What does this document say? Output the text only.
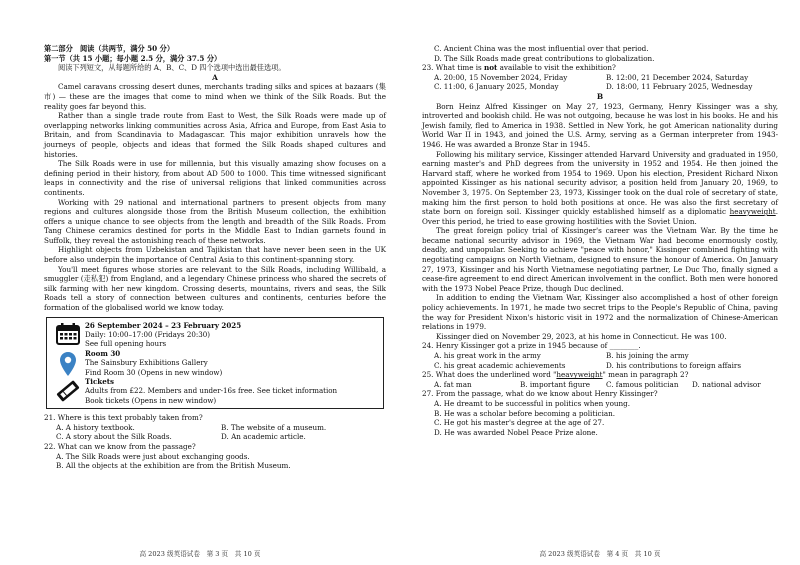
第二部分　阅读（共两节，满分 50 分）
第一节（共 15 小题；每小题 2.5 分，满分 37.5 分）
阅读下列短文，从每题所给的 A、B、C、D 四个选项中选出最佳选项。
A

Camel caravans crossing desert dunes, merchants trading silks and spices at bazaars (集市) — these are the images that come to mind when we think of the Silk Roads. But the reality goes far beyond this.

Rather than a single trade route from East to West, the Silk Roads were made up of overlapping networks linking communities across Asia, Africa and Europe, from East Asia to Britain, and from Scandinavia to Madagascar. This major exhibition unravels how the journeys of people, objects and ideas that formed the Silk Roads shaped cultures and histories.

The Silk Roads were in use for millennia, but this visually amazing show focuses on a defining period in their history, from about AD 500 to 1000. This time witnessed significant leaps in connectivity and the rise of universal religions that linked communities across continents.

Working with 29 national and international partners to present objects from many regions and cultures alongside those from the British Museum collection, the exhibition offers a unique chance to see objects from the length and breadth of the Silk Roads. From Tang Chinese ceramics destined for ports in the Middle East to Indian garnets found in Suffolk, they reveal the astonishing reach of these networks.

Highlight objects from Uzbekistan and Tajikistan that have never been seen in the UK before also underpin the importance of Central Asia to this continent-spanning story.

You'll meet figures whose stories are relevant to the Silk Roads, including Willibald, a smuggler (走私犯) from England, and a legendary Chinese princess who shared the secrets of silk farming with her new kingdom. Crossing deserts, mountains, rivers and seas, the Silk Roads tell a story of connection between cultures and continents, centuries before the formation of the globalised world we know today.

26 September 2024 – 23 February 2025
Daily: 10:00–17:00 (Fridays 20:30)
See full opening hours
Room 30
The Sainsbury Exhibitions Gallery
Find Room 30 (Opens in new window)
Tickets
Adults from £22. Members and under-16s free. See ticket information
Book tickets (Opens in new window)
21. Where is this text probably taken from?
A. A history textbook.	B. The website of a museum.
C. A story about the Silk Roads.	D. An academic article.
22. What can we know from the passage?
A. The Silk Roads were just about exchanging goods.
B. All the objects at the exhibition are from the British Museum.
高 2023 级英语试卷　第 3 页　共 10 页
C. Ancient China was the most influential over that period.
D. The Silk Roads made great contributions to globalization.
23. What time is not available to visit the exhibition?
A. 20:00, 15 November 2024, Friday	B. 12:00, 21 December 2024, Saturday
C. 11:00, 6 January 2025, Monday	D. 18:00, 11 February 2025, Wednesday
B

Born Heinz Alfred Kissinger on May 27, 1923, Germany, Henry Kissinger was a shy, introverted and bookish child. He was not outgoing, because he was lost in his books. He and his Jewish family, fled to America in 1938. Settled in New York, he got American nationality during World War II in 1943, and joined the U.S. Army, serving as a German interpreter from 1943-1946. He was awarded a Bronze Star in 1945.

Following his military service, Kissinger attended Harvard University and graduated in 1950, earning master's and PhD degrees from the university in 1952 and 1954. He then joined the Harvard staff, where he worked from 1954 to 1969. Upon his election, President Richard Nixon appointed Kissinger as his national security advisor, a position held from January 20, 1969, to November 3, 1975. On September 23, 1973, Kissinger took on the dual role of secretary of state, making him the first person to hold both positions at once. He was also the first secretary of state born on foreign soil. Kissinger quickly established himself as a diplomatic heavyweight. Over this period, he tried to ease growing hostilities with the Soviet Union.

The great foreign policy trial of Kissinger's career was the Vietnam War. By the time he became national security advisor in 1969, the Vietnam War had become enormously costly, deadly, and unpopular. Seeking to achieve "peace with honor," Kissinger combined fighting with negotiating campaigns on North Vietnam, designed to ensure the honour of America. On January 27, 1973, Kissinger and his North Vietnamese negotiating partner, Le Duc Tho, finally signed a cease-fire agreement to end direct American involvement in the conflict. Both men were honored with the 1973 Nobel Peace Prize, though Duc declined.

In addition to ending the Vietnam War, Kissinger also accomplished a host of other foreign policy achievements. In 1971, he made two secret trips to the People's Republic of China, paving the way for President Nixon's historic visit in 1972 and the normalization of Chinese-American relations in 1979.

Kissinger died on November 29, 2023, at his home in Connecticut. He was 100.

24. Henry Kissinger got a prize in 1945 because of ________.
A. his great work in the army	B. his joining the army
C. his great academic achievements	D. his contributions to foreign affairs
25. What does the underlined word "heavyweight" mean in paragraph 2?
A. fat man	B. important figure	C. famous politician	D. national advisor
27. From the passage, what do we know about Henry Kissinger?
A. He dreamt to be successful in politics when young.
B. He was a scholar before becoming a politician.
C. He got his master's degree at the age of 27.
D. He was awarded Nobel Peace Prize alone.
高 2023 级英语试卷　第 4 页　共 10 页
